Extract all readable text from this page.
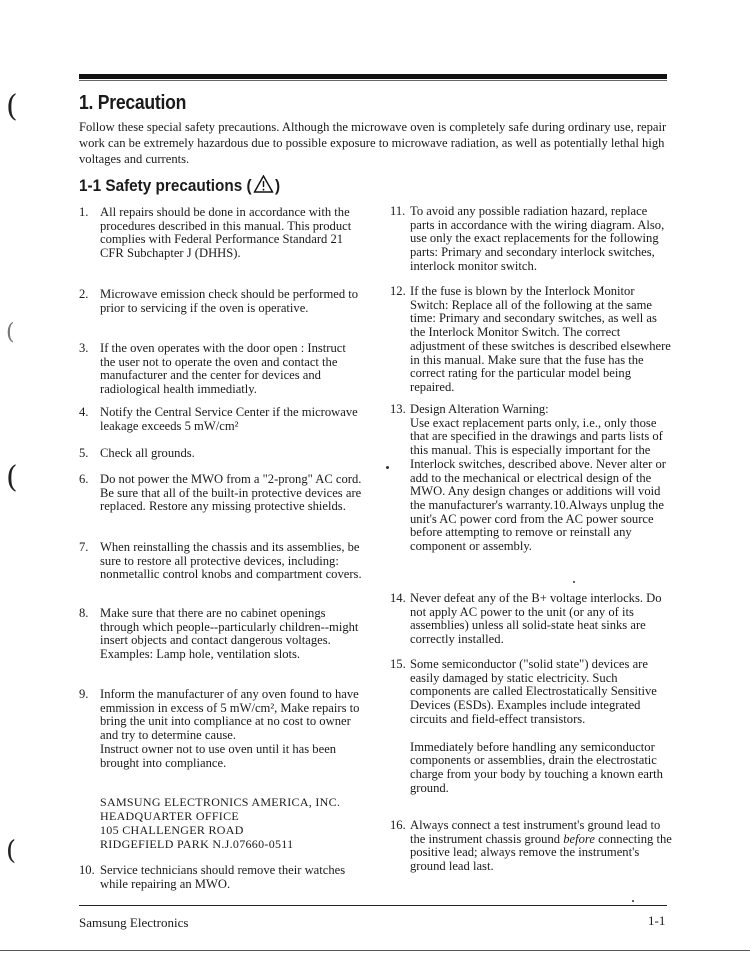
(
(
(
(
1. Precaution

Follow these special safety precautions. Although the microwave oven is completely safe during ordinary use, repair work can be extremely hazardous due to possible exposure to microwave radiation, as well as potentially lethal high voltages and currents.

1-1 Safety precautions ( )
1. All repairs should be done in accordance with the procedures described in this manual. This product complies with Federal Performance Standard 21 CFR Subchapter J (DHHS).
2. Microwave emission check should be performed to prior to servicing if the oven is operative.
3. If the oven operates with the door open : Instruct the user not to operate the oven and contact the manufacturer and the center for devices and radiological health immediatly.
4. Notify the Central Service Center if the microwave leakage exceeds 5 mW/cm²
5. Check all grounds.
6. Do not power the MWO from a "2-prong" AC cord. Be sure that all of the built-in protective devices are replaced. Restore any missing protective shields.
7. When reinstalling the chassis and its assemblies, be sure to restore all protective devices, including: nonmetallic control knobs and compartment covers.
8. Make sure that there are no cabinet openings through which people--particularly children--might insert objects and contact dangerous voltages. Examples: Lamp hole, ventilation slots.
9. Inform the manufacturer of any oven found to have emmission in excess of 5 mW/cm², Make repairs to bring the unit into compliance at no cost to owner and try to determine cause.
Instruct owner not to use oven until it has been brought into compliance.
SAMSUNG ELECTRONICS AMERICA, INC.
HEADQUARTER OFFICE
105 CHALLENGER ROAD
RIDGEFIELD PARK N.J.07660-0511
10. Service technicians should remove their watches while repairing an MWO.
11. To avoid any possible radiation hazard, replace parts in accordance with the wiring diagram. Also, use only the exact replacements for the following parts: Primary and secondary interlock switches, interlock monitor switch.
12. If the fuse is blown by the Interlock Monitor Switch: Replace all of the following at the same time: Primary and secondary switches, as well as the Interlock Monitor Switch. The correct adjustment of these switches is described elsewhere in this manual. Make sure that the fuse has the correct rating for the particular model being repaired.
13. Design Alteration Warning:
Use exact replacement parts only, i.e., only those that are specified in the drawings and parts lists of this manual. This is especially important for the Interlock switches, described above. Never alter or add to the mechanical or electrical design of the MWO. Any design changes or additions will void the manufacturer's warranty.10.Always unplug the unit's AC power cord from the AC power source before attempting to remove or reinstall any component or assembly.
14. Never defeat any of the B+ voltage interlocks. Do not apply AC power to the unit (or any of its assemblies) unless all solid-state heat sinks are correctly installed.
15. Some semiconductor ("solid state") devices are easily damaged by static electricity. Such components are called Electrostatically Sensitive Devices (ESDs). Examples include integrated circuits and field-effect transistors.
Immediately before handling any semiconductor components or assemblies, drain the electrostatic charge from your body by touching a known earth ground.
16. Always connect a test instrument's ground lead to the instrument chassis ground before connecting the positive lead; always remove the instrument's ground lead last.
Samsung Electronics	1-1
